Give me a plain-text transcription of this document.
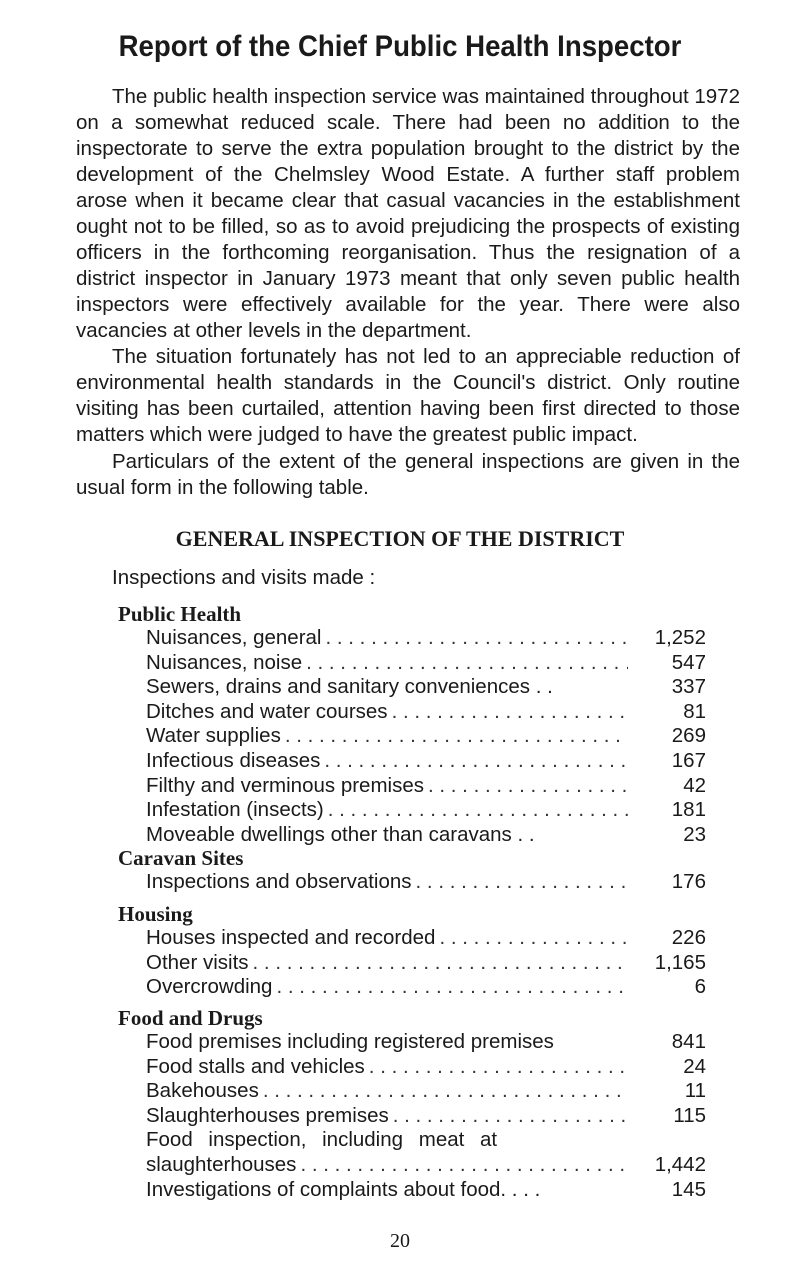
Report of the Chief Public Health Inspector

The public health inspection service was maintained throughout 1972 on a somewhat reduced scale. There had been no addition to the inspectorate to serve the extra population brought to the district by the development of the Chelmsley Wood Estate. A further staff problem arose when it became clear that casual vacancies in the establishment ought not to be filled, so as to avoid prejudicing the prospects of existing officers in the forthcoming reorganisation. Thus the resignation of a district inspector in January 1973 meant that only seven public health inspectors were effectively available for the year. There were also vacancies at other levels in the department.

The situation fortunately has not led to an appreciable reduction of environmental health standards in the Council's district. Only routine visiting has been curtailed, attention having been first directed to those matters which were judged to have the greatest public impact.

Particulars of the extent of the general inspections are given in the usual form in the following table.

GENERAL INSPECTION OF THE DISTRICT
Inspections and visits made :
Public Health
Nuisances, general . . .	1,252
Nuisances, noise . . .	547
Sewers, drains and sanitary conveniences . .	337
Ditches and water courses . . .	81
Water supplies . . .	269
Infectious diseases . . .	167
Filthy and verminous premises . . .	42
Infestation (insects) . . .	181
Moveable dwellings other than caravans . .	23
Caravan Sites
Inspections and observations . . .	176
Housing
Houses inspected and recorded . . .	226
Other visits . . .	1,165
Overcrowding . . .	6
Food and Drugs
Food premises including registered premises	841
Food stalls and vehicles . . .	24
Bakehouses . . .	11
Slaughterhouses premises . . .	115
Food inspection, including meat at
slaughterhouses . . .	1,442
Investigations of complaints about food. . . .	145
20
